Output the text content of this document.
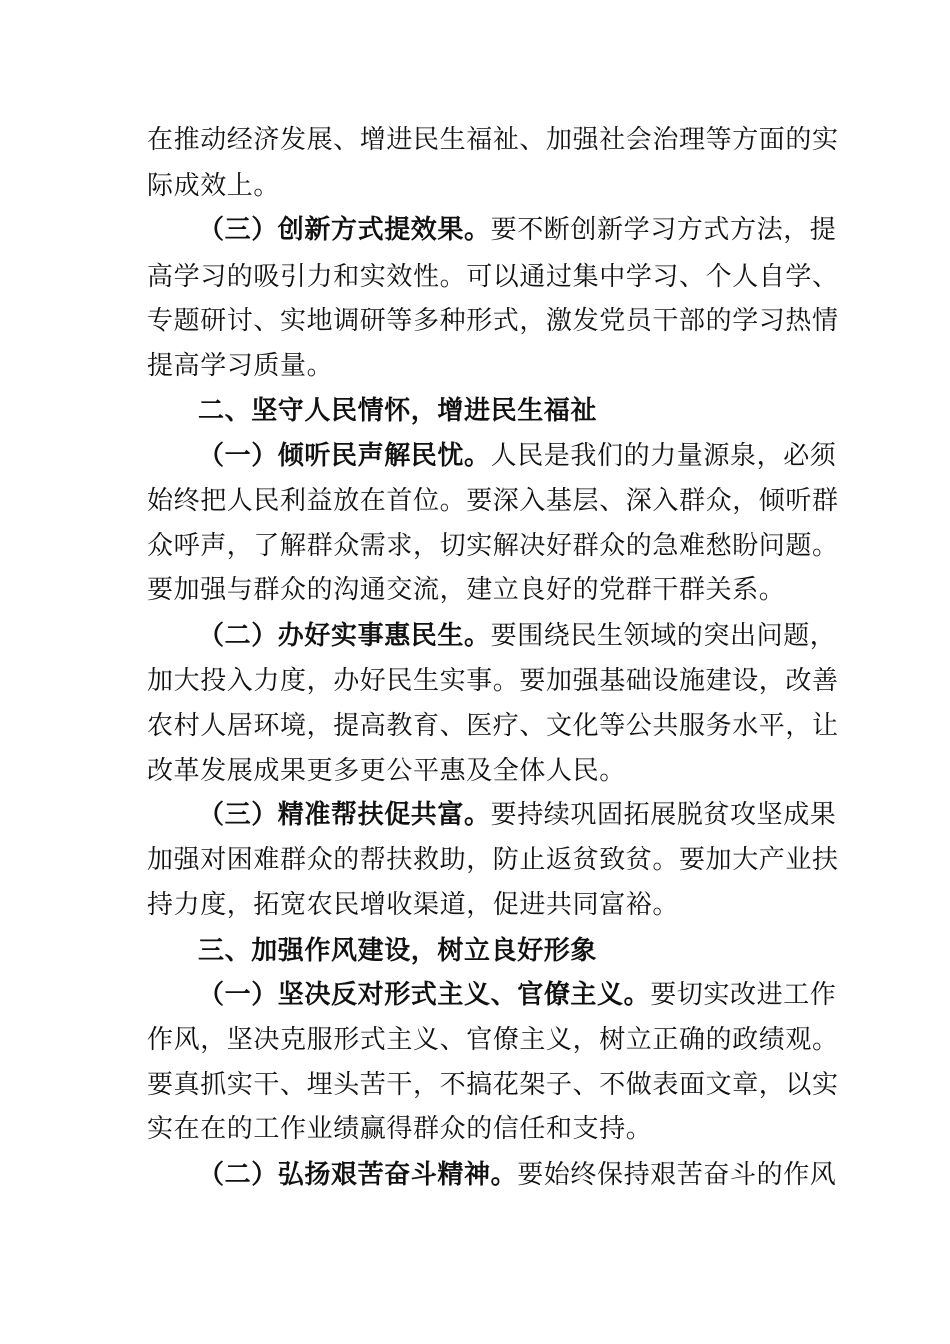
在推动经济发展、增进民生福祉、加强社会治理等方面的实
际成效上。
（三）创新方式提效果。要不断创新学习方式方法，提
高学习的吸引力和实效性。可以通过集中学习、个人自学、
专题研讨、实地调研等多种形式，激发党员干部的学习热情
提高学习质量。
二、坚守人民情怀，增进民生福祉
（一）倾听民声解民忧。人民是我们的力量源泉，必须
始终把人民利益放在首位。要深入基层、深入群众，倾听群
众呼声，了解群众需求，切实解决好群众的急难愁盼问题。
要加强与群众的沟通交流，建立良好的党群干群关系。
（二）办好实事惠民生。要围绕民生领域的突出问题，
加大投入力度，办好民生实事。要加强基础设施建设，改善
农村人居环境，提高教育、医疗、文化等公共服务水平，让
改革发展成果更多更公平惠及全体人民。
（三）精准帮扶促共富。要持续巩固拓展脱贫攻坚成果
加强对困难群众的帮扶救助，防止返贫致贫。要加大产业扶
持力度，拓宽农民增收渠道，促进共同富裕。
三、加强作风建设，树立良好形象
（一）坚决反对形式主义、官僚主义。要切实改进工作
作风，坚决克服形式主义、官僚主义，树立正确的政绩观。
要真抓实干、埋头苦干，不搞花架子、不做表面文章，以实
实在在的工作业绩赢得群众的信任和支持。
（二）弘扬艰苦奋斗精神。要始终保持艰苦奋斗的作风
